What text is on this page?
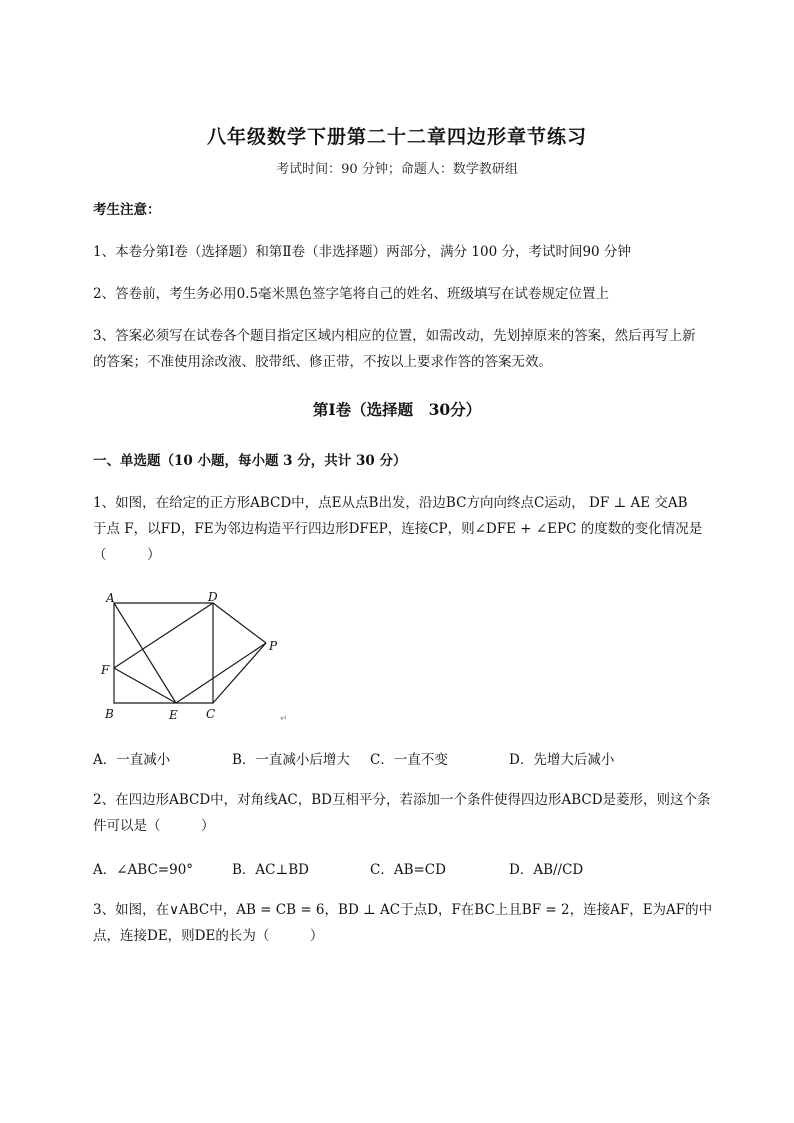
八年级数学下册第二十二章四边形章节练习
考试时间：90 分钟；命题人：数学教研组
考生注意：
1、本卷分第Ⅰ卷（选择题）和第Ⅱ卷（非选择题）两部分，满分 100 分，考试时间90 分钟
2、答卷前，考生务必用0.5毫米黑色签字笔将自己的姓名、班级填写在试卷规定位置上
3、答案必须写在试卷各个题目指定区域内相应的位置，如需改动，先划掉原来的答案，然后再写上新
的答案；不准使用涂改液、胶带纸、修正带，不按以上要求作答的答案无效。
第Ⅰ卷（选择题　30分）
一、单选题（10 小题，每小题 3 分，共计 30 分）
1、如图，在给定的正方形ABCD中，点E从点B出发，沿边BC方向向终点C运动， DF ⊥ AE 交AB
于点 F，以FD，FE为邻边构造平行四边形DFEP，连接CP，则∠DFE + ∠EPC 的度数的变化情况是
（　　　）
A	D
P
F
B	E C	↵
A．一直减小	B．一直减小后增大 C．一直不变	D．先增大后减小
2、在四边形ABCD中，对角线AC，BD互相平分，若添加一个条件使得四边形ABCD是菱形，则这个条
件可以是（　　　）
A．∠ABC=90°	B．AC⊥BD	C．AB=CD	D．AB//CD
3、如图，在∨ABC中，AB = CB = 6，BD ⊥ AC于点D，F在BC上且BF = 2，连接AF，E为AF的中
点，连接DE，则DE的长为（　　　）
